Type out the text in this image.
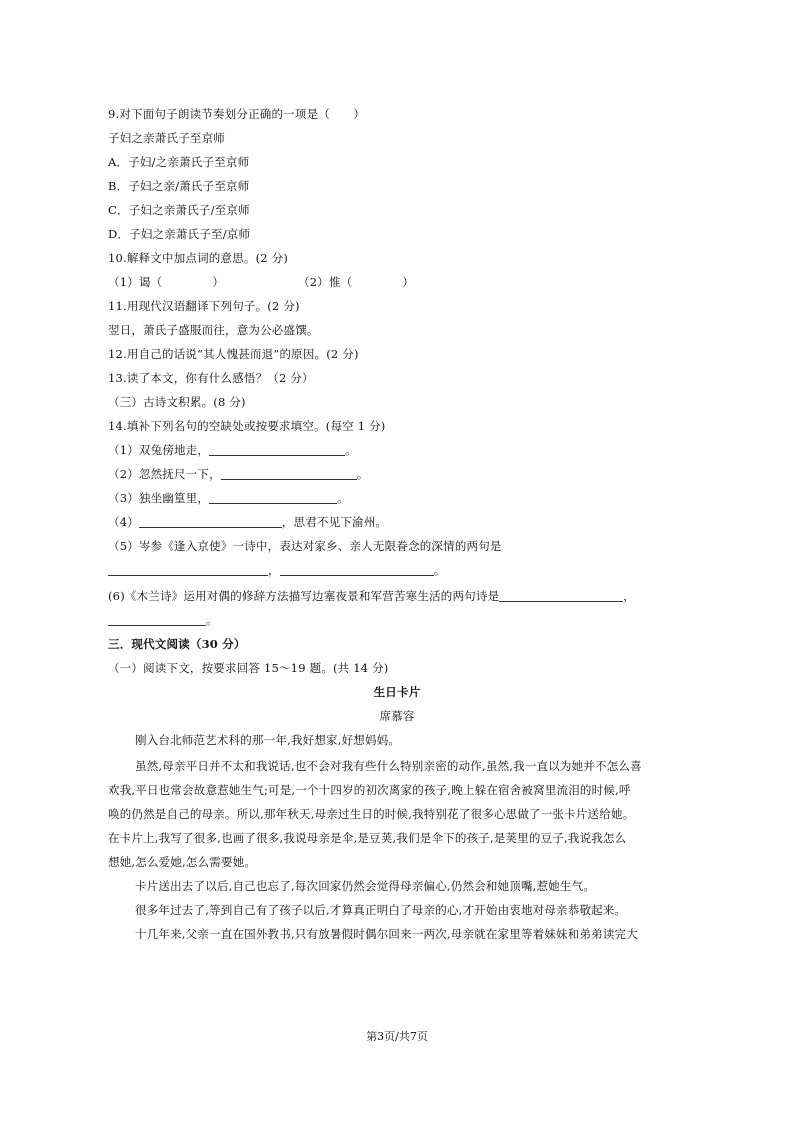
9.对下面句子朗读节奏划分正确的一项是（　　）
子妇之亲萧氏子至京师
A．子妇/之亲萧氏子至京师
B．子妇之亲/萧氏子至京师
C．子妇之亲萧氏子/至京师
D．子妇之亲萧氏子至/京师
10.解释文中加点词的意思。(2 分)
（1）谒（	）	（2）惟（	）
11.用现代汉语翻译下列句子。(2 分)
翌日，萧氏子盛服而往，意为公必盛馔。
12.用自己的话说“其人愧甚而退”的原因。(2 分)
13.读了本文，你有什么感悟？（2 分）
（三）古诗文积累。(8 分)
14.填补下列名句的空缺处或按要求填空。(每空 1 分)
（1）双兔傍地走，	。
（2）忽然抚尺一下，	。
（3）独坐幽篁里，	。
（4）	，思君不见下渝州。
（5）岑参《逢入京使》一诗中，表达对家乡、亲人无限眷念的深情的两句是
，	。
(6)《木兰诗》运用对偶的修辞方法描写边塞夜景和军营苦寒生活的两句诗是	，
。
三．现代文阅读（30 分）
（一）阅读下文，按要求回答 15～19 题。(共 14 分)
生日卡片
席慕容
刚入台北师范艺术科的那一年,我好想家,好想妈妈。
虽然,母亲平日并不太和我说话,也不会对我有些什么特别亲密的动作,虽然,我一直以为她并不怎么喜
欢我,平日也常会故意惹她生气;可是,一个十四岁的初次离家的孩子,晚上躲在宿舍被窝里流泪的时候,呼
唤的仍然是自己的母亲。所以,那年秋天,母亲过生日的时候,我特别花了很多心思做了一张卡片送给她。
在卡片上,我写了很多,也画了很多,我说母亲是伞,是豆荚,我们是伞下的孩子,是荚里的豆子,我说我怎么
想她,怎么爱她,怎么需要她。
卡片送出去了以后,自己也忘了,每次回家仍然会觉得母亲偏心,仍然会和她顶嘴,惹她生气。
很多年过去了,等到自己有了孩子以后,才算真正明白了母亲的心,才开始由衷地对母亲恭敬起来。
十几年来,父亲一直在国外教书,只有放暑假时偶尔回来一两次,母亲就在家里等着妹妹和弟弟读完大
第3页/共7页
